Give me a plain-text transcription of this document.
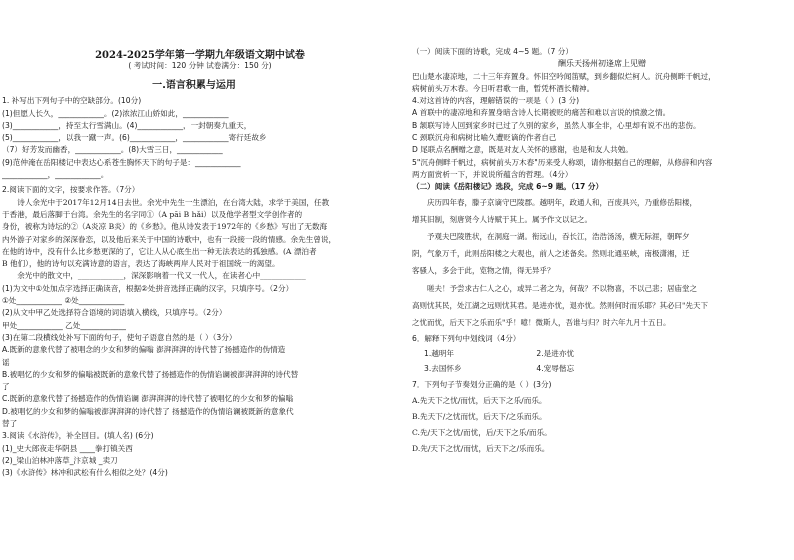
2024-2025学年第一学期九年级语文期中试卷
( 考试时间：120 分钟 试卷满分：150 分)
一.语言积累与运用
1. 补写出下列句子中的空缺部分。(10分)
(1)但愿人长久，____________。(2)浓浓江山娇如此，____________
(3)____________，持至太行雪满山。(4)____________，一封朝奏九重天，
(5)____________，以我一蹴一声。(6)____________，____________寄行廷故乡
（7）好芳发而幽香，____________。(8)大雪三日，____________
(9)范仲淹在岳阳楼记中表达心系苍生胸怀天下的句子是：____________
____________，____________。
2.阅读下面的文字，按要求作答。（7分）
诗人余光中于2017年12月14日去世。余光中先生一生漂泊，在台湾大陆，求学于美国，任教
于香港，最后落脚于台湾。余先生的名字同①（A pāi B hǎi）以及他学者型文学创作者的
身份，被称为诗坛的②（A炎凉 B炎）的《乡愁》。他从诗发表于1972年的《乡愁》写出了无数海
内外游子对家乡的深深眷恋，以及他后来关于中国的诗歌中，也有一段接一段的情感。余先生曾说，
在他的诗中，没有什么比乡愁更深的了，它让人从心底生出一种无法表达的孤独感。(A 漂泊者
B 他们），他的诗句以充满诗意的语言，表达了海峡两岸人民对于祖国统一的渴望。
余光中的散文中，____________，深深影响着一代又一代人，在读者心中____________
(1)为文中①处加点字选择正确读音，根据②处拼音选择正确的汉字，只填序号。（2分）
①处____________ ②处____________
(2)从文中甲乙处选择符合语境的词语填入横线，只填序号。（2分）
甲处____________ 乙处____________
(3)在第二段横线处补写下面的句子，使句子语意自然的是（ ）（3分）
A.既新的意象代替了被唱念的少女和梦的偏嗡 澎湃湃湃的诗代替了扬撼造作的伪情造
谣
B.被唱忆的少女和梦的偏嗡被既新的意象代替了扬撼造作的伪情谄谰被澎湃湃湃的诗代替
了
C.既新的意象代替了扬撼造作的伪情谄谰 澎湃湃湃的诗代替了被唱忆的少女和梦的偏嗡
D.被唱忆的少女和梦的偏嗡被澎湃湃湃的诗代替了 扬撼造作的伪情谄谰被既新的意象代
替了
3.阅读《水浒传》，补全回目。(填人名) (6分)
(1)_史大郎夜走华阴县 ____拳打镇关西
(2)_梁山泊林冲落草_汴京城 _卖刀
(3)《水浒传》林冲和武松有什么相似之处？(4分)
（一）阅读下面的诗歌，完成 4~5 题。（7 分）
酬乐天扬州初逢席上见赠
巴山楚水凄凉地，二十三年弃置身。怀旧空吟闻笛赋，到乡翻似烂柯人。沉舟侧畔千帆过，
病树前头万木春。今日听君歌一曲，暂凭杯酒长精神。
4.对这首诗的内容，理解错误的一项是（ ）(3 分)
A 首联中的凄凉地和弃置身暗含诗人长期被贬的痛苦和难以言说的愤激之情。
B 颔联写诗人回到家乡时已过了久别的家乡，虽然人事全非，心里却有说不出的悲伤。
C 颈联沉舟和病树比喻久遭贬谪的作者自己
D 尾联点名酬赠之意，既是对友人关怀的感谢，也是和友人共勉。
5"沉舟侧畔千帆过，病树前头万木春"历来受人称颂，请你根据自己的理解，从修辞和内容
两方面赏析一下，并说说所蕴含的哲理。（4分）
（二）阅读《岳阳楼记》选段，完成 6~9 题。（17 分）
庆历四年春，滕子京谪守巴陵郡。越明年，政通人和，百废具兴，乃重修岳阳楼，
增其旧制，刻唐贤今人诗赋于其上。属予作文以记之。
予观夫巴陵胜状，在洞庭一湖。衔远山，吞长江，浩浩汤汤，横无际涯，朝晖夕
阴，气象万千，此则岳阳楼之大观也，前人之述备矣。然则北通巫峡，南极潇湘，迁
客骚人，多会于此，览物之情，得无异乎？
嗟夫！予尝求古仁人之心，或异二者之为，何哉？不以物喜，不以己悲；居庙堂之
高则忧其民，处江湖之远则忧其君。是进亦忧，退亦忧。然则何时而乐耶？其必曰"先天下
之忧而忧，后天下之乐而乐"乎！噫！微斯人，吾谁与归？时六年九月十五日。
6．解释下列句中划线词（4分）
1.越明年	2.是进亦忧
3.去国怀乡	4.宠辱偕忘
7．下列句子节奏划分正确的是（ ）(3分)
A.先天下之忧/而忧，后天下之乐/而乐。
B.先天下/之忧而忧，后天下/之乐而乐。
C.先/天下之忧/而忧，后/天下之乐/而乐。
D.先/天下之忧/而忧，后天下之/乐而乐。
